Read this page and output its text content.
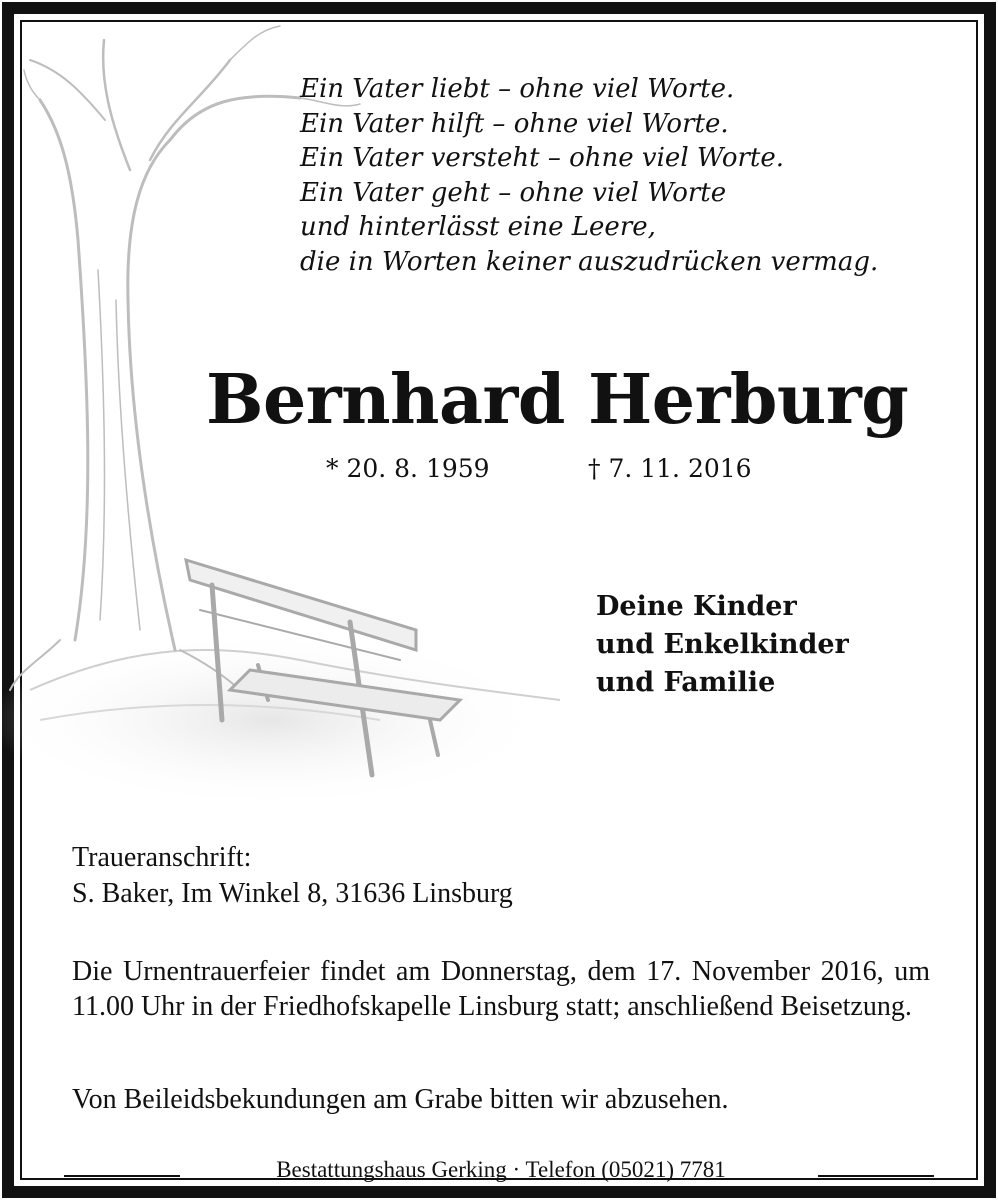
Ein Vater liebt – ohne viel Worte.
Ein Vater hilft – ohne viel Worte.
Ein Vater versteht – ohne viel Worte.
Ein Vater geht – ohne viel Worte
und hinterlässt eine Leere,
die in Worten keiner auszudrücken vermag.
Bernhard Herburg
* 20. 8. 1959	† 7. 11. 2016
Deine Kinder
und Enkelkinder
und Familie
Traueranschrift:
S. Baker, Im Winkel 8, 31636 Linsburg
Die Urnentrauerfeier findet am Donnerstag, dem 17. November 2016, um 11.00 Uhr in der Friedhofskapelle Linsburg statt; anschließend Beisetzung.
Von Beileidsbekundungen am Grabe bitten wir abzusehen.
Bestattungshaus Gerking · Telefon (05021) 7781
